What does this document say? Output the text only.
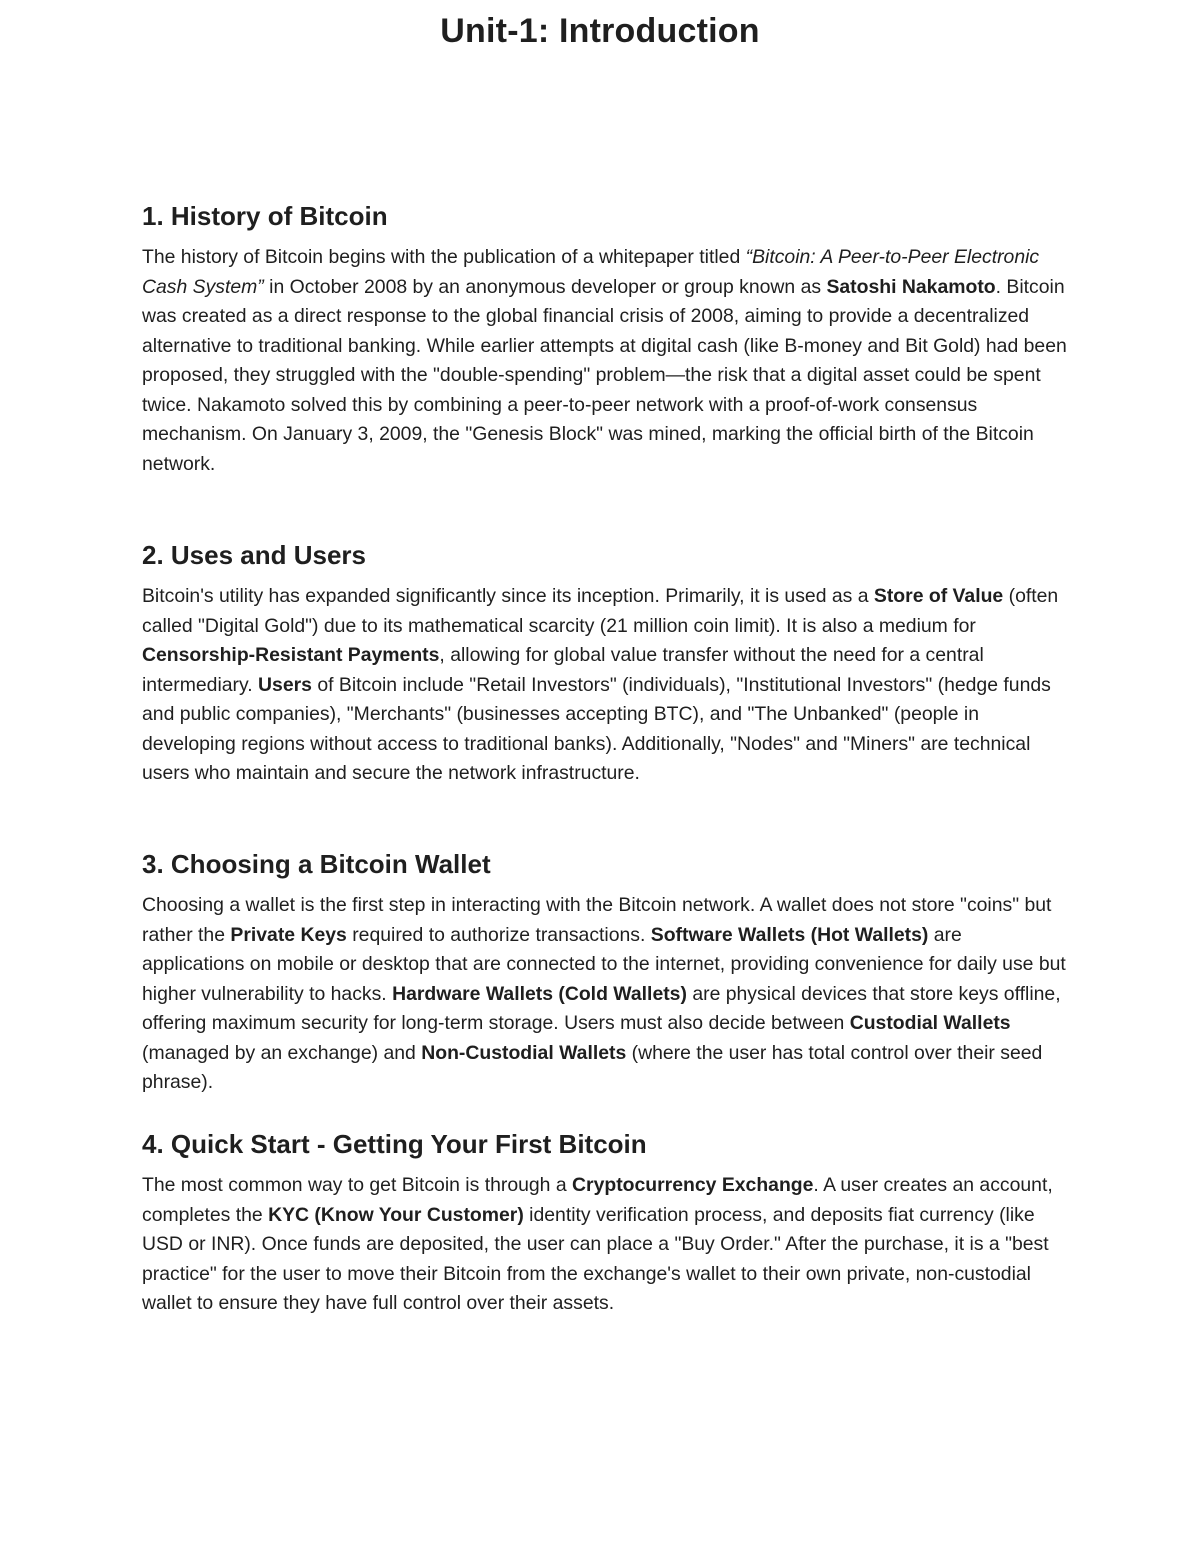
Unit-1: Introduction
1. History of Bitcoin

The history of Bitcoin begins with the publication of a whitepaper titled “Bitcoin: A Peer-to-Peer Electronic Cash System” in October 2008 by an anonymous developer or group known as Satoshi Nakamoto. Bitcoin was created as a direct response to the global financial crisis of 2008, aiming to provide a decentralized alternative to traditional banking. While earlier attempts at digital cash (like B-money and Bit Gold) had been proposed, they struggled with the "double-spending" problem—the risk that a digital asset could be spent twice. Nakamoto solved this by combining a peer-to-peer network with a proof-of-work consensus mechanism. On January 3, 2009, the "Genesis Block" was mined, marking the official birth of the Bitcoin network.

2. Uses and Users

Bitcoin's utility has expanded significantly since its inception. Primarily, it is used as a Store of Value (often called "Digital Gold") due to its mathematical scarcity (21 million coin limit). It is also a medium for Censorship-Resistant Payments, allowing for global value transfer without the need for a central intermediary. Users of Bitcoin include "Retail Investors" (individuals), "Institutional Investors" (hedge funds and public companies), "Merchants" (businesses accepting BTC), and "The Unbanked" (people in developing regions without access to traditional banks). Additionally, "Nodes" and "Miners" are technical users who maintain and secure the network infrastructure.

3. Choosing a Bitcoin Wallet

Choosing a wallet is the first step in interacting with the Bitcoin network. A wallet does not store "coins" but rather the Private Keys required to authorize transactions. Software Wallets (Hot Wallets) are applications on mobile or desktop that are connected to the internet, providing convenience for daily use but higher vulnerability to hacks. Hardware Wallets (Cold Wallets) are physical devices that store keys offline, offering maximum security for long-term storage. Users must also decide between Custodial Wallets (managed by an exchange) and Non-Custodial Wallets (where the user has total control over their seed phrase).

4. Quick Start - Getting Your First Bitcoin

The most common way to get Bitcoin is through a Cryptocurrency Exchange. A user creates an account, completes the KYC (Know Your Customer) identity verification process, and deposits fiat currency (like USD or INR). Once funds are deposited, the user can place a "Buy Order." After the purchase, it is a "best practice" for the user to move their Bitcoin from the exchange's wallet to their own private, non-custodial wallet to ensure they have full control over their assets.
